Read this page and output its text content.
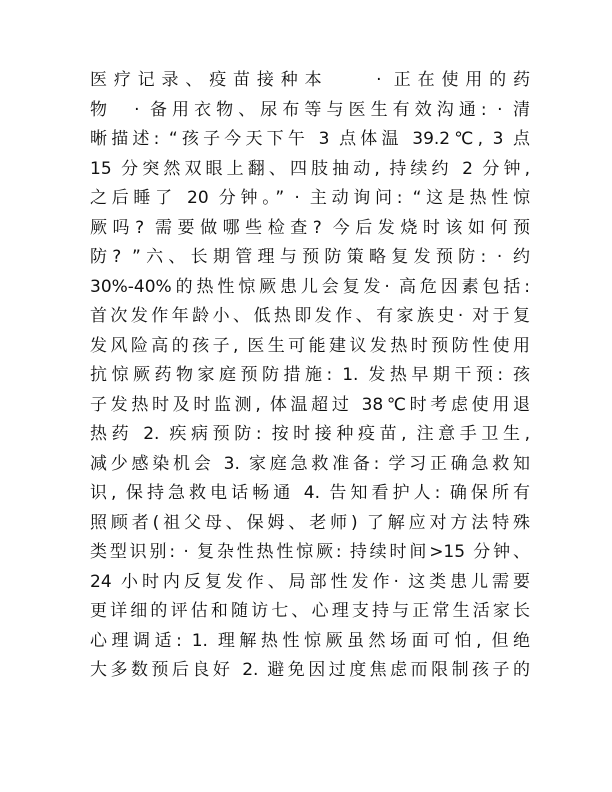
医疗记录、疫苗接种本　　· 正在使用的药
物　· 备用衣物、尿布等与医生有效沟通: · 清
晰描述: “孩子今天下午 3 点体温 39.2℃, 3 点
15 分突然双眼上翻、四肢抽动, 持续约 2 分钟,
之后睡了 20 分钟。” · 主动询问: “这是热性惊
厥吗? 需要做哪些检查? 今后发烧时该如何预
防? ”六、长期管理与预防策略复发预防: · 约
30%-40%的热性惊厥患儿会复发· 高危因素包括:
首次发作年龄小、低热即发作、有家族史· 对于复
发风险高的孩子, 医生可能建议发热时预防性使用
抗惊厥药物家庭预防措施: 1. 发热早期干预: 孩
子发热时及时监测, 体温超过 38℃时考虑使用退
热药 2. 疾病预防: 按时接种疫苗, 注意手卫生,
减少感染机会 3. 家庭急救准备: 学习正确急救知
识, 保持急救电话畅通 4. 告知看护人: 确保所有
照顾者(祖父母、保姆、老师) 了解应对方法特殊
类型识别: · 复杂性热性惊厥: 持续时间>15 分钟、
24 小时内反复发作、局部性发作· 这类患儿需要
更详细的评估和随访七、心理支持与正常生活家长
心理调适: 1. 理解热性惊厥虽然场面可怕, 但绝
大多数预后良好 2. 避免因过度焦虑而限制孩子的
